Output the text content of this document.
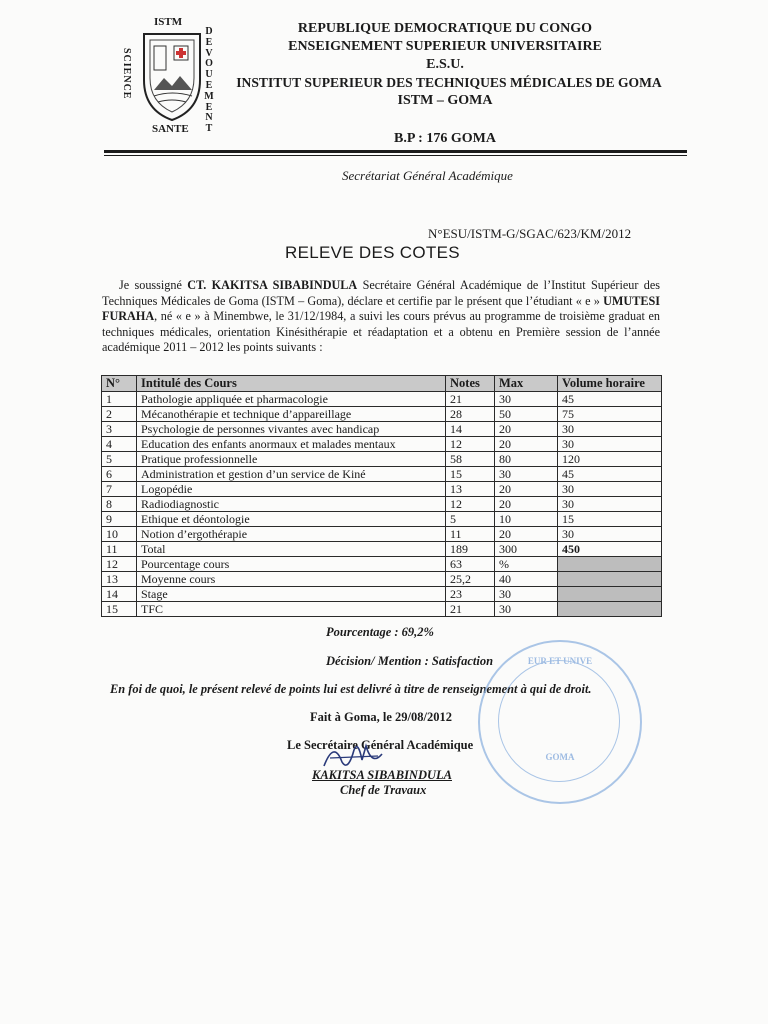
ISTM
SCIENCE
D
E
V
O
U
E
M
E
N
T
SANTE
REPUBLIQUE DEMOCRATIQUE DU CONGO
ENSEIGNEMENT SUPERIEUR UNIVERSITAIRE
E.S.U.
INSTITUT SUPERIEUR DES TECHNIQUES MÉDICALES DE GOMA
ISTM – GOMA
B.P : 176 GOMA
Secrétariat Général Académique
N°ESU/ISTM-G/SGAC/623/KM/2012
RELEVE DES COTES
Je soussigné CT. KAKITSA SIBABINDULA Secrétaire Général Académique de l’Institut Supérieur des Techniques Médicales de Goma (ISTM – Goma), déclare et certifie par le présent que l’étudiant « e » UMUTESI FURAHA, né « e » à Minembwe, le 31/12/1984, a suivi les cours prévus au programme de troisième graduat en techniques médicales, orientation Kinésithérapie et réadaptation et a obtenu en Première session de l’année académique 2011 – 2012 les points suivants :
N°	Intitulé des Cours	Notes	Max	Volume horaire
1	Pathologie appliquée et pharmacologie	21	30	45
2	Mécanothérapie et technique d’appareillage	28	50	75
3	Psychologie de personnes vivantes avec handicap	14	20	30
4	Education des enfants anormaux et malades mentaux	12	20	30
5	Pratique professionnelle	58	80	120
6	Administration et gestion d’un service de Kiné	15	30	45
7	Logopédie	13	20	30
8	Radiodiagnostic	12	20	30
9	Ethique et déontologie	5	10	15
10	Notion d’ergothérapie	11	20	30
11	Total	189	300	450
12	Pourcentage cours	63	%	
13	Moyenne cours	25,2	40	
14	Stage	23	30	
15	TFC	21	30	
Pourcentage : 69,2%
Décision/ Mention : Satisfaction
En foi de quoi, le présent relevé de points lui est delivré à titre de renseignement à qui de droit.
Fait à Goma, le 29/08/2012
EUR ET UNIVE
GOMA
Le Secrétaire Général Académique
KAKITSA SIBABINDULA
Chef de Travaux
